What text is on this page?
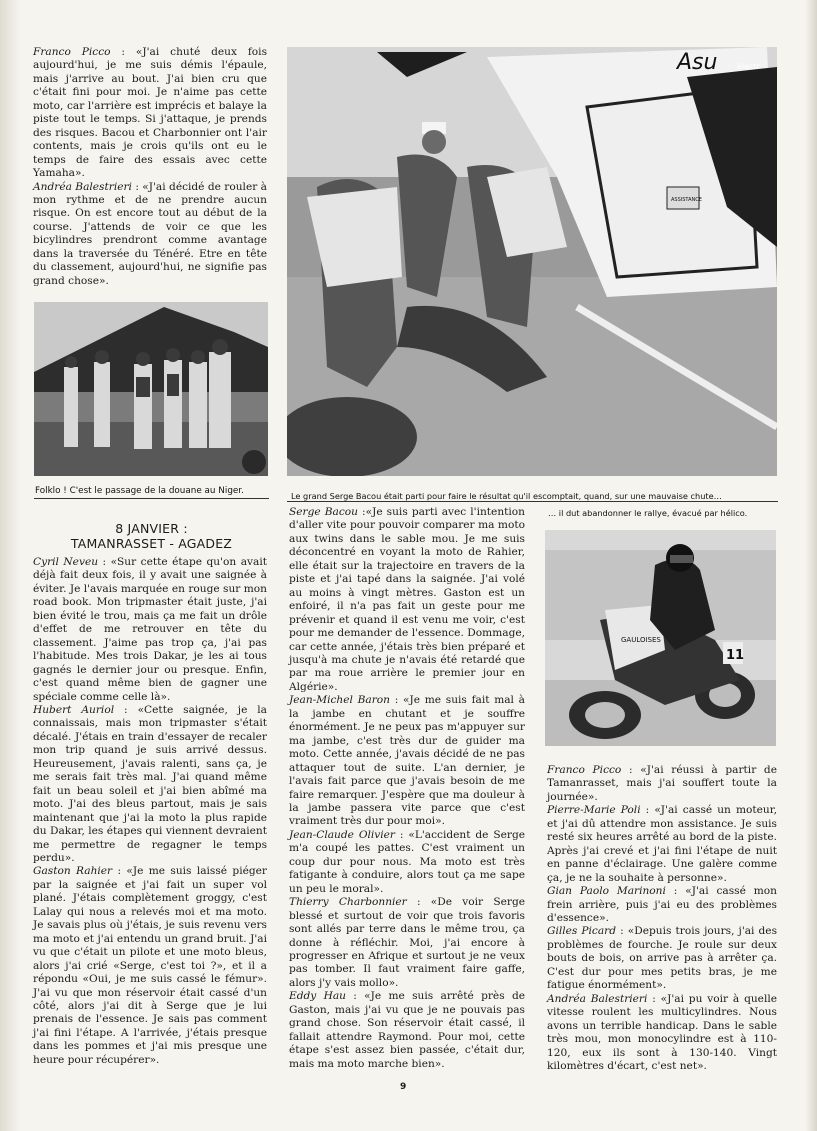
Franco Picco : «J'ai chuté deux fois aujourd'hui, je me suis démis l'épaule, mais j'arrive au bout. J'ai bien cru que c'était fini pour moi. Je n'aime pas cette moto, car l'arrière est imprécis et balaye la piste tout le temps. Si j'attaque, je prends des risques. Bacou et Charbonnier ont l'air contents, mais je crois qu'ils ont eu le temps de faire des essais avec cette Yamaha».

Andréa Balestrieri : «J'ai décidé de rouler à mon rythme et de ne prendre aucun risque. On est encore tout au début de la course. J'attends de voir ce que les bicylindres prendront comme avantage dans la traversée du Ténéré. Etre en tête du classement, aujourd'hui, ne signifie pas grand chose».

Folklo ! C'est le passage de la douane au Niger.
ASSISTANCE
Asu électr
Le grand Serge Bacou était parti pour faire le résultat qu'il escomptait, quand, sur une mauvaise chute…
8 JANVIER :
TAMANRASSET - AGADEZ

Cyril Neveu : «Sur cette étape qu'on avait déjà fait deux fois, il y avait une saignée à éviter. Je l'avais marquée en rouge sur mon road book. Mon tripmaster était juste, j'ai bien évité le trou, mais ça me fait un drôle d'effet de me retrouver en tête du classement. J'aime pas trop ça, j'ai pas l'habitude. Mes trois Dakar, je les ai tous gagnés le dernier jour ou presque. Enfin, c'est quand même bien de gagner une spéciale comme celle là».

Hubert Auriol : «Cette saignée, je la connaissais, mais mon tripmaster s'était décalé. J'étais en train d'essayer de recaler mon trip quand je suis arrivé dessus. Heureusement, j'avais ralenti, sans ça, je me serais fait très mal. J'ai quand même fait un beau soleil et j'ai bien abîmé ma moto. J'ai des bleus partout, mais je sais maintenant que j'ai la moto la plus rapide du Dakar, les étapes qui viennent devraient me permettre de regagner le temps perdu».

Gaston Rahier : «Je me suis laissé piéger par la saignée et j'ai fait un super vol plané. J'étais complètement groggy, c'est Lalay qui nous a relevés moi et ma moto. Je savais plus où j'étais, je suis revenu vers ma moto et j'ai entendu un grand bruit. J'ai vu que c'était un pilote et une moto bleus, alors j'ai crié «Serge, c'est toi ?», et il a répondu «Oui, je me suis cassé le fémur». J'ai vu que mon réservoir était cassé d'un côté, alors j'ai dit à Serge que je lui prenais de l'essence. Je sais pas comment j'ai fini l'étape. A l'arrivée, j'étais presque dans les pommes et j'ai mis presque une heure pour récupérer».

Serge Bacou :«Je suis parti avec l'intention d'aller vite pour pouvoir comparer ma moto aux twins dans le sable mou. Je me suis déconcentré en voyant la moto de Rahier, elle était sur la trajectoire en travers de la piste et j'ai tapé dans la saignée. J'ai volé au moins à vingt mètres. Gaston est un enfoiré, il n'a pas fait un geste pour me prévenir et quand il est venu me voir, c'est pour me demander de l'essence. Dommage, car cette année, j'étais très bien préparé et jusqu'à ma chute je n'avais été retardé que par ma roue arrière le premier jour en Algérie».

Jean-Michel Baron : «Je me suis fait mal à la jambe en chutant et je souffre énormément. Je ne peux pas m'appuyer sur ma jambe, c'est très dur de guider ma moto. Cette année, j'avais décidé de ne pas attaquer tout de suite. L'an dernier, je l'avais fait parce que j'avais besoin de me faire remarquer. J'espère que ma douleur à la jambe passera vite parce que c'est vraiment très dur pour moi».

Jean-Claude Olivier : «L'accident de Serge m'a coupé les pattes. C'est vraiment un coup dur pour nous. Ma moto est très fatigante à conduire, alors tout ça me sape un peu le moral».

Thierry Charbonnier : «De voir Serge blessé et surtout de voir que trois favoris sont allés par terre dans le même trou, ça donne à réfléchir. Moi, j'ai encore à progresser en Afrique et surtout je ne veux pas tomber. Il faut vraiment faire gaffe, alors j'y vais mollo».

Eddy Hau : «Je me suis arrêté près de Gaston, mais j'ai vu que je ne pouvais pas grand chose. Son réservoir était cassé, il fallait attendre Raymond. Pour moi, cette étape s'est assez bien passée, c'était dur, mais ma moto marche bien».

… il dut abandonner le rallye, évacué par hélico.
GAULOISES
11

Franco Picco : «J'ai réussi à partir de Tamanrasset, mais j'ai souffert toute la journée».

Pierre-Marie Poli : «J'ai cassé un moteur, et j'ai dû attendre mon assistance. Je suis resté six heures arrêté au bord de la piste. Après j'ai crevé et j'ai fini l'étape de nuit en panne d'éclairage. Une galère comme ça, je ne la souhaite à personne».

Gian Paolo Marinoni : «J'ai cassé mon frein arrière, puis j'ai eu des problèmes d'essence».

Gilles Picard : «Depuis trois jours, j'ai des problèmes de fourche. Je roule sur deux bouts de bois, on arrive pas à arrêter ça. C'est dur pour mes petits bras, je me fatigue énormément».

Andréa Balestrieri : «J'ai pu voir à quelle vitesse roulent les multicylindres. Nous avons un terrible handicap. Dans le sable très mou, mon monocylindre est à 110-120, eux ils sont à 130-140. Vingt kilomètres d'écart, c'est net».

9
